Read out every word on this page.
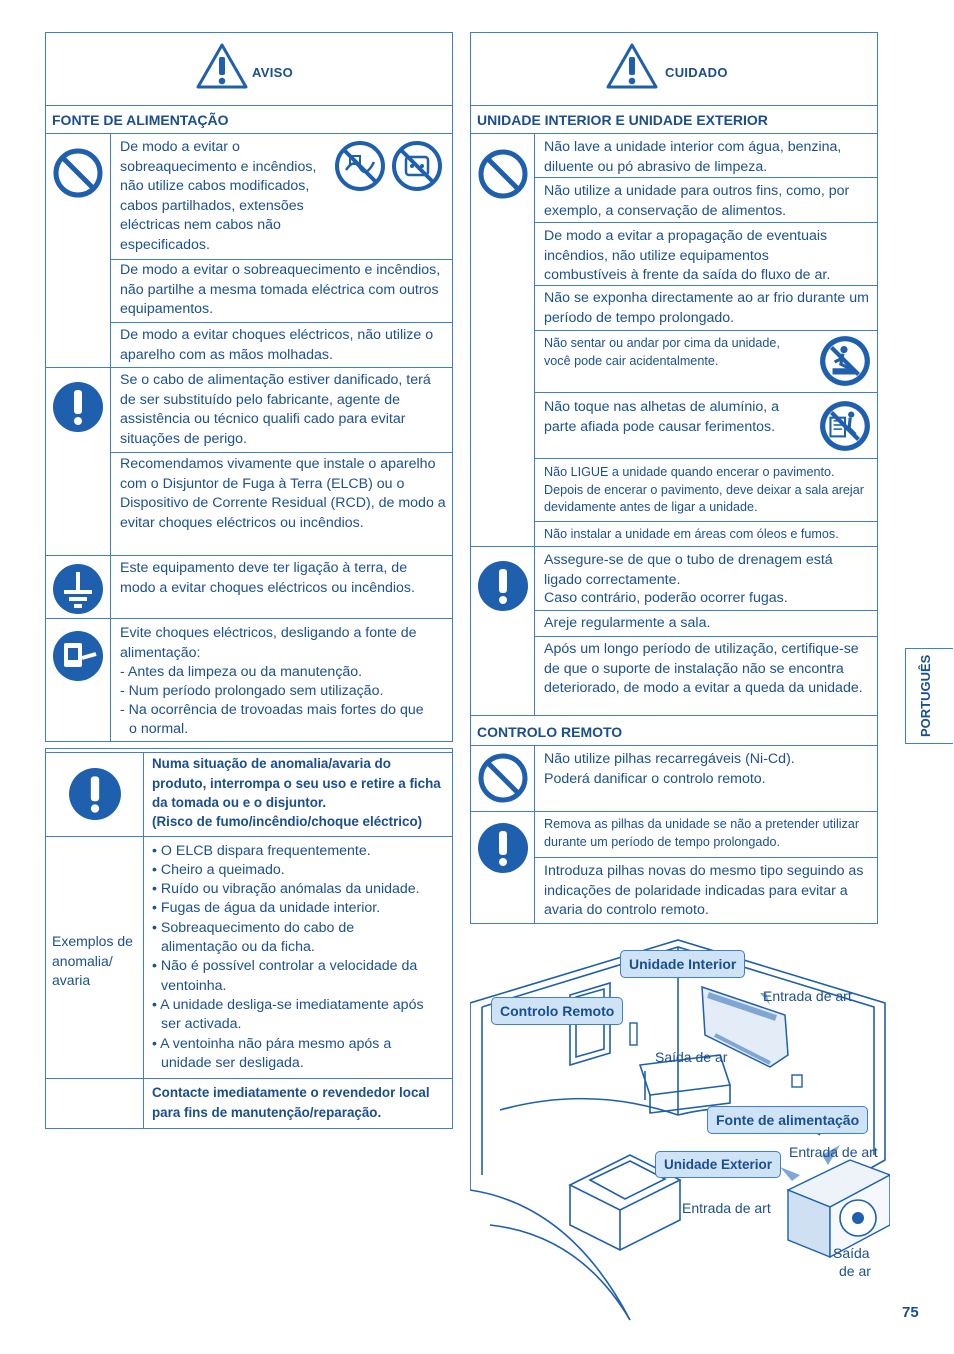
AVISO
FONTE DE ALIMENTAÇÃO
De modo a evitar o sobreaquecimento e incêndios, não utilize cabos modificados, cabos partilhados, extensões eléctricas nem cabos não especificados.
De modo a evitar o sobreaquecimento e incêndios, não partilhe a mesma tomada eléctrica com outros equipamentos.
De modo a evitar choques eléctricos, não utilize o aparelho com as mãos molhadas.
Se o cabo de alimentação estiver danificado, terá de ser substituído pelo fabricante, agente de assistência ou técnico qualifi cado para evitar situações de perigo.
Recomendamos vivamente que instale o aparelho com o Disjuntor de Fuga à Terra (ELCB) ou o Dispositivo de Corrente Residual (RCD), de modo a evitar choques eléctricos ou incêndios.
Este equipamento deve ter ligação à terra, de modo a evitar choques eléctricos ou incêndios.
Evite choques eléctricos, desligando a fonte de alimentação:
- Antes da limpeza ou da manutenção.
- Num período prolongado sem utilização.
- Na ocorrência de trovoadas mais fortes do que
o normal.
Numa situação de anomalia/avaria do produto, interrompa o seu uso e retire a ficha da tomada ou e o disjuntor.
(Risco de fumo/incêndio/choque eléctrico)
Exemplos de anomalia/ avaria
• O ELCB dispara frequentemente.
• Cheiro a queimado.
• Ruído ou vibração anómalas da unidade.
• Fugas de água da unidade interior.
• Sobreaquecimento do cabo de
alimentação ou da ficha.
• Não é possível controlar a velocidade da
ventoinha.
• A unidade desliga-se imediatamente após
ser activada.
• A ventoinha não pára mesmo após a
unidade ser desligada.
Contacte imediatamente o revendedor local para fins de manutenção/reparação.
CUIDADO
UNIDADE INTERIOR E UNIDADE EXTERIOR
Não lave a unidade interior com água, benzina, diluente ou pó abrasivo de limpeza.
Não utilize a unidade para outros fins, como, por exemplo, a conservação de alimentos.
De modo a evitar a propagação de eventuais incêndios, não utilize equipamentos combustíveis à frente da saída do fluxo de ar.
Não se exponha directamente ao ar frio durante um período de tempo prolongado.
Não sentar ou andar por cima da unidade, você pode cair acidentalmente.
Não toque nas alhetas de alumínio, a parte afiada pode causar ferimentos.
Não LIGUE a unidade quando encerar o pavimento. Depois de encerar o pavimento, deve deixar a sala arejar devidamente antes de ligar a unidade.
Não instalar a unidade em áreas com óleos e fumos.
Assegure-se de que o tubo de drenagem está ligado correctamente.
Caso contrário, poderão ocorrer fugas.
Areje regularmente a sala.
Após um longo período de utilização, certifique-se de que o suporte de instalação não se encontra deteriorado, de modo a evitar a queda da unidade.
CONTROLO REMOTO
Não utilize pilhas recarregáveis (Ni-Cd). Poderá danificar o controlo remoto.
Remova as pilhas da unidade se não a pretender utilizar durante um período de tempo prolongado.
Introduza pilhas novas do mesmo tipo seguindo as indicações de polaridade indicadas para evitar a avaria do controlo remoto.
Unidade Interior
Controlo Remoto
Fonte de alimentação
Unidade Exterior
Entrada de art
Saída de ar
Entrada de art
Entrada de art
Saída
de ar
PORTUGUÊS
75
